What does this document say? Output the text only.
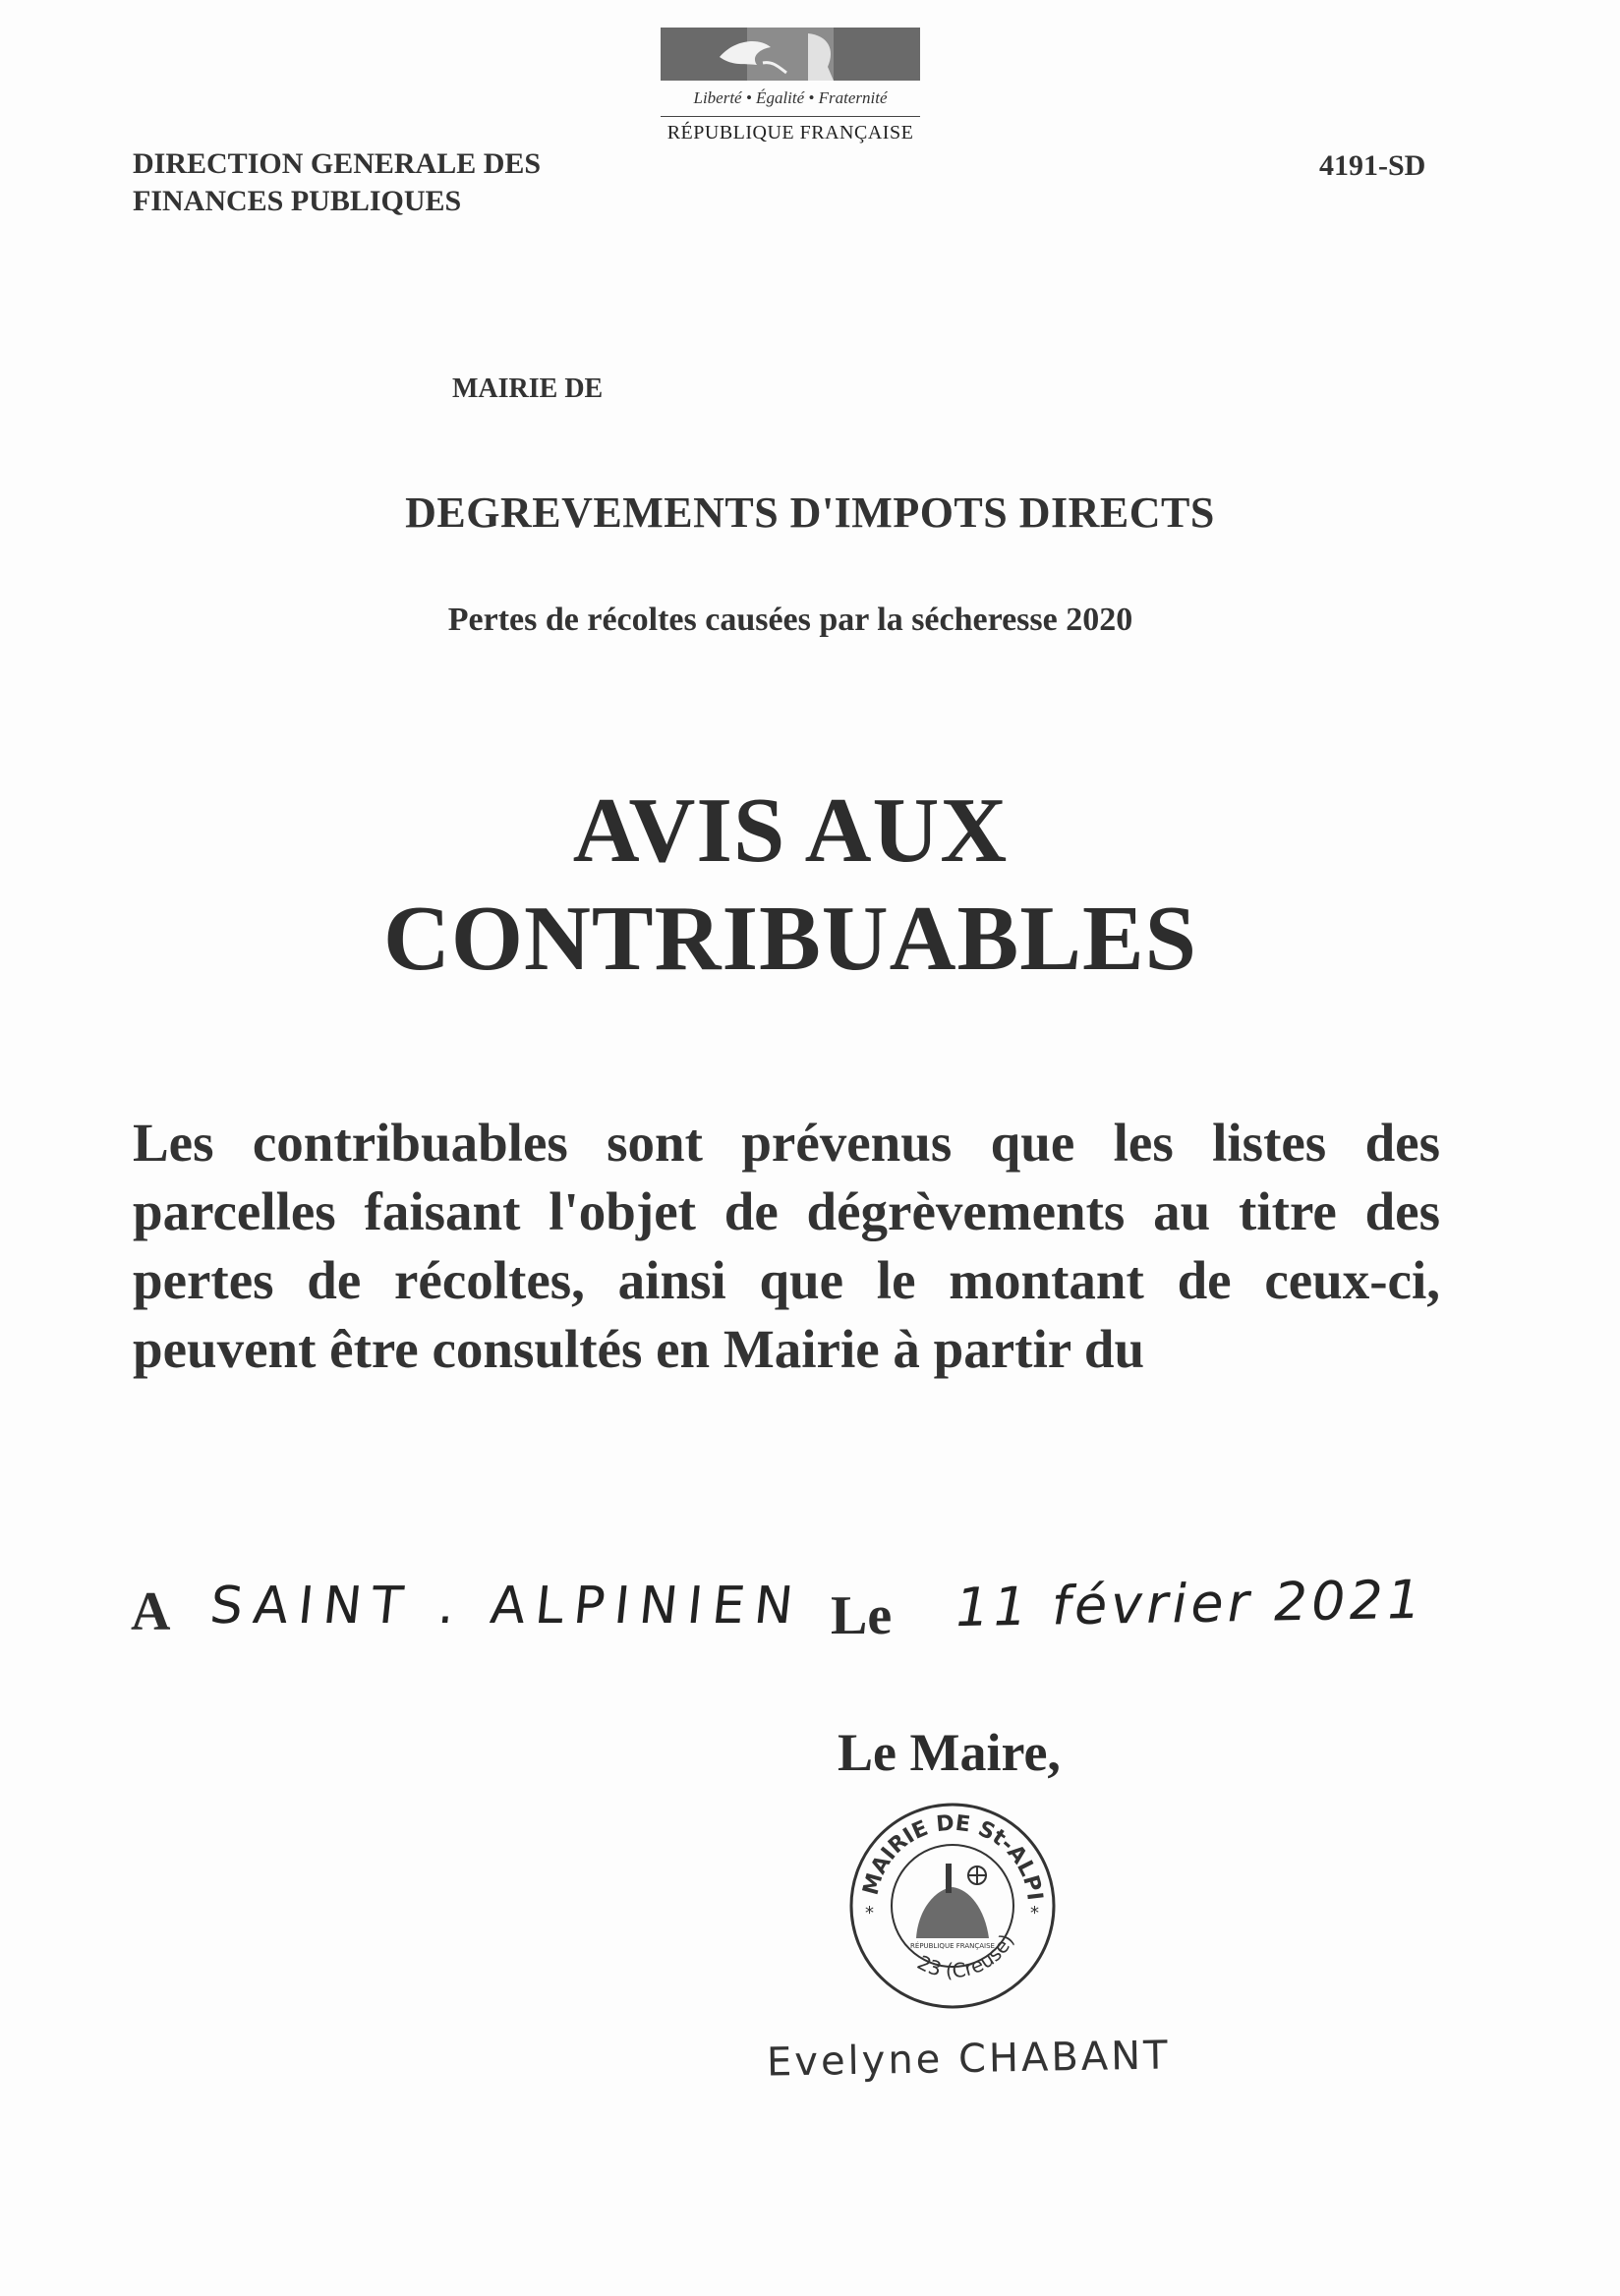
Liberté • Égalité • Fraternité
RÉPUBLIQUE FRANÇAISE
DIRECTION GENERALE DES
FINANCES PUBLIQUES
4191-SD
MAIRIE DE
DEGREVEMENTS D'IMPOTS DIRECTS
Pertes de récoltes causées par la sécheresse 2020
AVIS AUX
CONTRIBUABLES
Les contribuables sont prévenus que les listes des parcelles faisant l'objet de dégrèvements au titre des pertes de récoltes, ainsi que le montant de ceux-ci, peuvent être consultés en Mairie à partir du
A SAINT . ALPINIEN Le 11 février 2021
Le Maire,
MAIRIE DE St-ALPI
23 (Creuse)
*	*
RÉPUBLIQUE FRANÇAISE
Evelyne CHABANT
